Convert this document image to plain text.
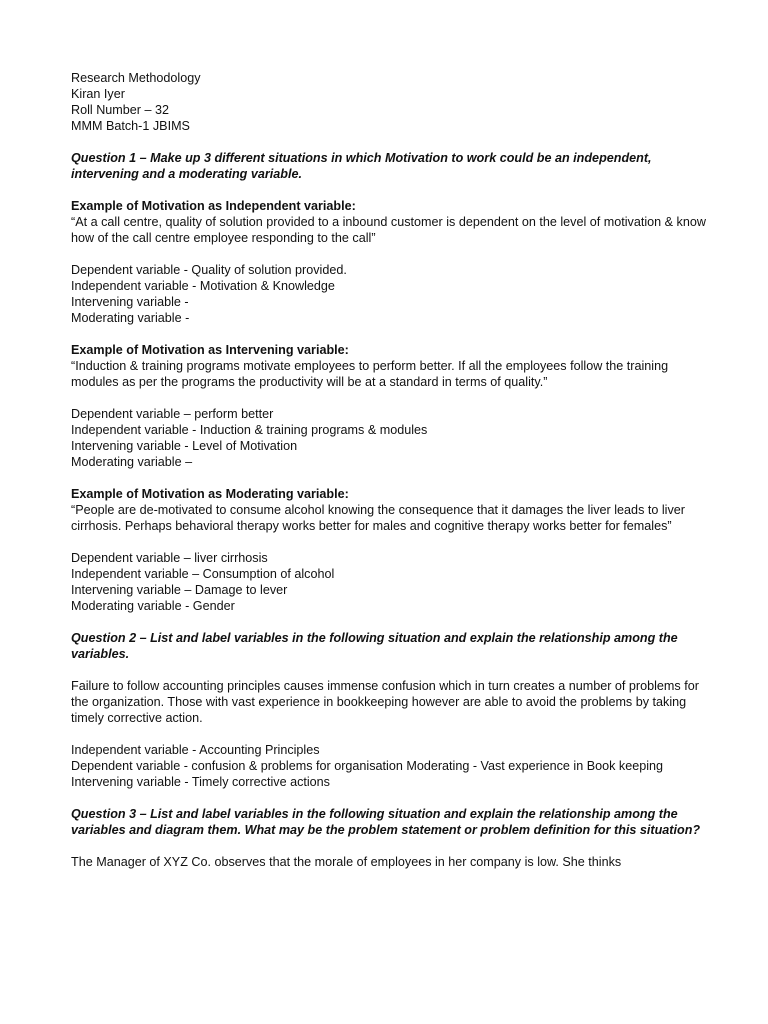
Research Methodology
Kiran Iyer
Roll Number – 32
MMM Batch-1 JBIMS
Question 1 – Make up 3 different situations in which Motivation to work could be an independent, intervening and a moderating variable.
Example of Motivation as Independent variable:
“At a call centre, quality of solution provided to a inbound customer is dependent on the level of motivation & know how of the call centre employee responding to the call”
Dependent variable - Quality of solution provided.
Independent variable - Motivation & Knowledge
Intervening variable -
Moderating variable -
Example of Motivation as Intervening variable:
“Induction & training programs motivate employees to perform better. If all the employees follow the training modules as per the programs the productivity will be at a standard in terms of quality.”
Dependent variable – perform better
Independent variable - Induction & training programs & modules
Intervening variable - Level of Motivation
Moderating variable –
Example of Motivation as Moderating variable:
“People are de-motivated to consume alcohol knowing the consequence that it damages the liver leads to liver cirrhosis. Perhaps behavioral therapy works better for males and cognitive therapy works better for females”
Dependent variable – liver cirrhosis
Independent variable – Consumption of alcohol
Intervening variable – Damage to lever
Moderating variable - Gender
Question 2 – List and label variables in the following situation and explain the relationship among the variables.
Failure to follow accounting principles causes immense confusion which in turn creates a number of problems for the organization. Those with vast experience in bookkeeping however are able to avoid the problems by taking timely corrective action.
Independent variable - Accounting Principles
Dependent variable - confusion & problems for organisation Moderating - Vast experience in Book keeping
Intervening variable - Timely corrective actions
Question 3 – List and label variables in the following situation and explain the relationship among the variables and diagram them. What may be the problem statement or problem definition for this situation?
The Manager of XYZ Co. observes that the morale of employees in her company is low. She thinks
